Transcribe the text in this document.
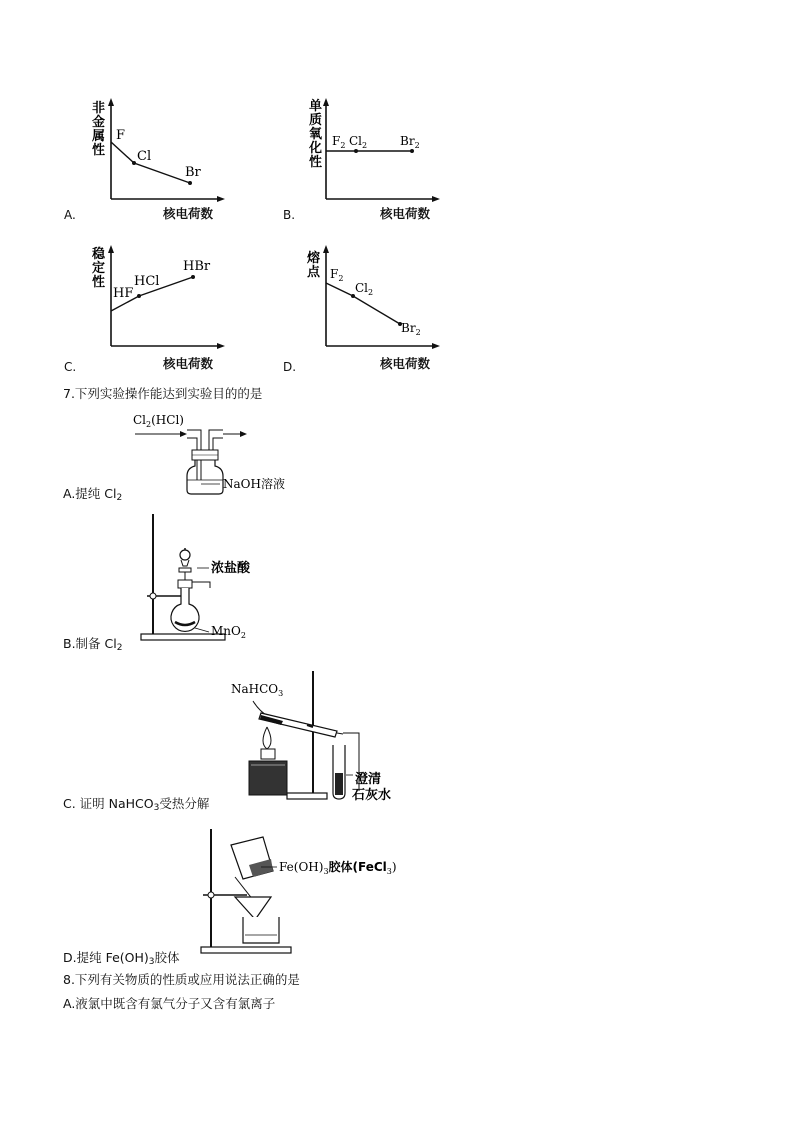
非
金
属
性
F
Cl
Br
A.	核电荷数
单
质
氧
化
性
$F_2$ $Cl_2$	$Br_2$
B.	核电荷数
稳
定
性
HF
HCl
HBr
C.	核电荷数
熔
点 $F_2$
$Cl_2$
$Br_2$
D.	核电荷数
7.下列实验操作能达到实验目的的是
$Cl_2(HCl)$
NaOH溶液
A.提纯 $Cl_2$
浓盐酸
MnO$_2$
B.制备 $Cl_2$
NaHCO$_3$
澄清
石灰水
C. 证明 NaHCO$_3$受热分解
$Fe(OH)_3$胶体(FeCl$_3$)
D.提纯 $Fe(OH)_3$胶体
8.下列有关物质的性质或应用说法正确的是
A.液氯中既含有氯气分子又含有氯离子
